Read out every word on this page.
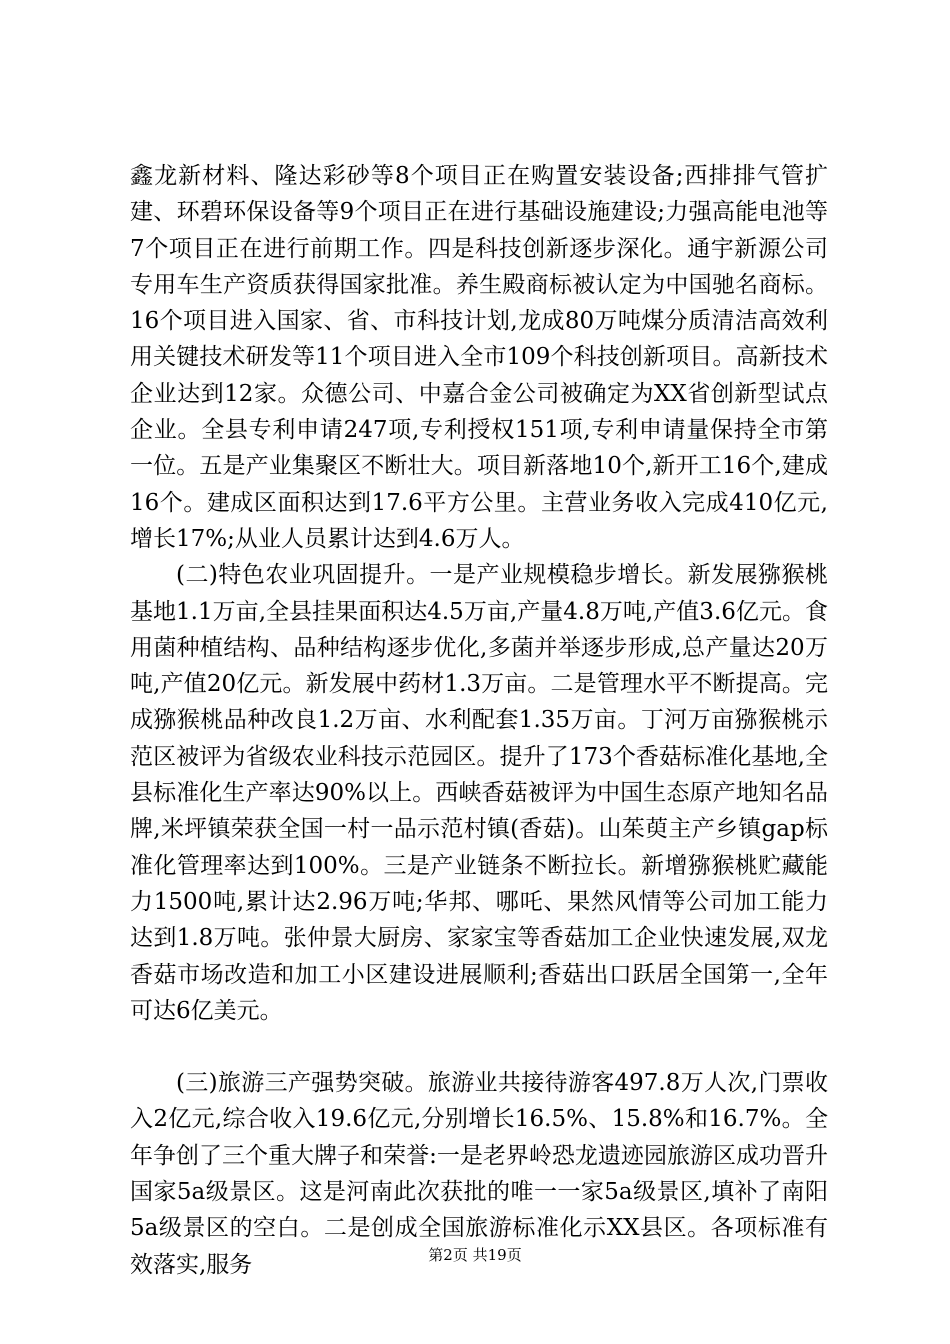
鑫龙新材料、隆达彩砂等8个项目正在购置安装设备;西排排气管扩建、环碧环保设备等9个项目正在进行基础设施建设;力强高能电池等7个项目正在进行前期工作。四是科技创新逐步深化。通宇新源公司专用车生产资质获得国家批准。养生殿商标被认定为中国驰名商标。16个项目进入国家、省、市科技计划,龙成80万吨煤分质清洁高效利用关键技术研发等11个项目进入全市109个科技创新项目。高新技术企业达到12家。众德公司、中嘉合金公司被确定为XX省创新型试点企业。全县专利申请247项,专利授权151项,专利申请量保持全市第一位。五是产业集聚区不断壮大。项目新落地10个,新开工16个,建成16个。建成区面积达到17.6平方公里。主营业务收入完成410亿元,增长17%;从业人员累计达到4.6万人。

(二)特色农业巩固提升。一是产业规模稳步增长。新发展猕猴桃基地1.1万亩,全县挂果面积达4.5万亩,产量4.8万吨,产值3.6亿元。食用菌种植结构、品种结构逐步优化,多菌并举逐步形成,总产量达20万吨,产值20亿元。新发展中药材1.3万亩。二是管理水平不断提高。完成猕猴桃品种改良1.2万亩、水利配套1.35万亩。丁河万亩猕猴桃示范区被评为省级农业科技示范园区。提升了173个香菇标准化基地,全县标准化生产率达90%以上。西峡香菇被评为中国生态原产地知名品牌,米坪镇荣获全国一村一品示范村镇(香菇)。山茱萸主产乡镇gap标准化管理率达到100%。三是产业链条不断拉长。新增猕猴桃贮藏能力1500吨,累计达2.96万吨;华邦、哪吒、果然风情等公司加工能力达到1.8万吨。张仲景大厨房、家家宝等香菇加工企业快速发展,双龙香菇市场改造和加工小区建设进展顺利;香菇出口跃居全国第一,全年可达6亿美元。

(三)旅游三产强势突破。旅游业共接待游客497.8万人次,门票收入2亿元,综合收入19.6亿元,分别增长16.5%、15.8%和16.7%。全年争创了三个重大牌子和荣誉:一是老界岭恐龙遗迹园旅游区成功晋升国家5a级景区。这是河南此次获批的唯一一家5a级景区,填补了南阳5a级景区的空白。二是创成全国旅游标准化示XX县区。各项标准有效落实,服务	第2页 共19页
